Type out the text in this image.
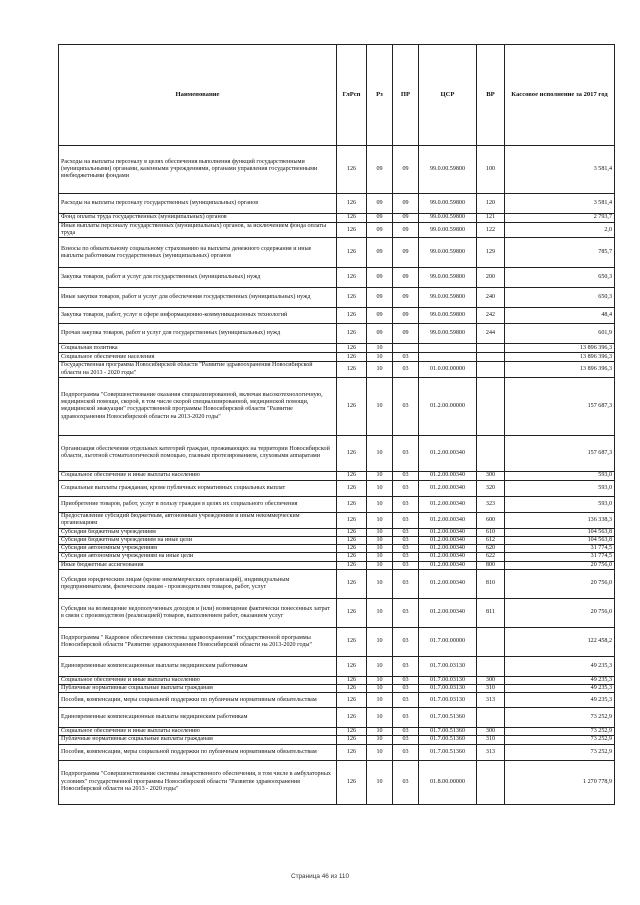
Наименование	ГлРсп	Рз	ПР	ЦСР	ВР	Кассовое исполнение за 2017 год
Расходы на выплаты персоналу в целях обеспечения выполнения функций государственными (муниципальными) органами, казенными учреждениями, органами управления государственными внебюджетными фондами	126	09	09	99.0.00.59800	100	3 581,4
Расходы на выплаты персоналу государственных (муниципальных) органов	126	09	09	99.0.00.59800	120	3 581,4
Фонд оплаты труда государственных (муниципальных) органов	126	09	09	99.0.00.59800	121	2 793,7
Иные выплаты персоналу государственных (муниципальных) органов, за исключением фонда оплаты труда	126	09	09	99.0.00.59800	122	2,0
Взносы по обязательному социальному страхованию на выплаты денежного содержания и иные выплаты работникам государственных (муниципальных) органов	126	09	09	99.0.00.59800	129	785,7
Закупка товаров, работ и услуг для государственных (муниципальных) нужд	126	09	09	99.0.00.59800	200	650,3
Иные закупки товаров, работ и услуг для обеспечения государственных (муниципальных) нужд	126	09	09	99.0.00.59800	240	650,3
Закупка товаров, работ, услуг в сфере информационно-коммуникационных технологий	126	09	09	99.0.00.59800	242	48,4
Прочая закупка товаров, работ и услуг для государственных (муниципальных) нужд	126	09	09	99.0.00.59800	244	601,9
Социальная политика	126	10				13 896 396,3
Социальное обеспечение населения	126	10	03			13 896 396,3
Государственная программа Новосибирской области "Развитие здравоохранения Новосибирской области на 2013 - 2020 годы"	126	10	03	01.0.00.00000		13 896 396,3
Подпрограмма "Совершенствование оказания специализированной, включая высокотехнологичную, медицинской помощи, скорой, в том числе скорой специализированной, медицинской помощи, медицинской эвакуации" государственной программы Новосибирской области "Развитие здравоохранения Новосибирской области на 2013-2020 годы"	126	10	03	01.2.00.00000		157 687,3
Организация обеспечения отдельных категорий граждан, проживающих на территории Новосибирской области, льготной стоматологической помощью, глазным протезированием, слуховыми аппаратами	126	10	03	01.2.00.00340		157 687,3
Социальное обеспечение и иные выплаты населению	126	10	03	01.2.00.00340	300	593,0
Социальные выплаты гражданам, кроме публичных нормативных социальных выплат	126	10	03	01.2.00.00340	320	593,0
Приобретение товаров, работ, услуг в пользу граждан в целях их социального обеспечения	126	10	03	01.2.00.00340	323	593,0
Предоставление субсидий бюджетным, автономным учреждениям и иным некоммерческим организациям	126	10	03	01.2.00.00340	600	136 338,3
Субсидии бюджетным учреждениям	126	10	03	01.2.00.00340	610	104 563,8
Субсидии бюджетным учреждениям на иные цели	126	10	03	01.2.00.00340	612	104 563,8
Субсидии автономным учреждениям	126	10	03	01.2.00.00340	620	31 774,5
Субсидии автономным учреждениям на иные цели	126	10	03	01.2.00.00340	622	31 774,5
Иные бюджетные ассигнования	126	10	03	01.2.00.00340	800	20 756,0
Субсидии юридическим лицам (кроме некоммерческих организаций), индивидуальным предпринимателям, физическим лицам - производителям товаров, работ, услуг	126	10	03	01.2.00.00340	810	20 756,0
Субсидии на возмещение недополученных доходов и (или) возмещение фактически понесенных затрат в связи с производством (реализацией) товаров, выполнением работ, оказанием услуг	126	10	03	01.2.00.00340	811	20 756,0
Подпрограмма " Кадровое обеспечение системы здравоохранения" государственной программы Новосибирской области "Развитие здравоохранения Новосибирской области на 2013-2020 годы"	126	10	03	01.7.00.00000		122 458,2
Единовременные компенсационные выплаты медицинским работникам	126	10	03	01.7.00.03130		49 235,3
Социальное обеспечение и иные выплаты населению	126	10	03	01.7.00.03130	300	49 235,3
Публичные нормативные социальные выплаты гражданам	126	10	03	01.7.00.03130	310	49 235,3
Пособия, компенсации, меры социальной поддержки по публичным нормативным обязательствам	126	10	03	01.7.00.03130	313	49 235,3
Единовременные компенсационные выплаты медицинским работникам	126	10	03	01.7.00.51360		73 252,9
Социальное обеспечение и иные выплаты населению	126	10	03	01.7.00.51360	300	73 252,9
Публичные нормативные социальные выплаты гражданам	126	10	03	01.7.00.51360	310	73 252,9
Пособия, компенсации, меры социальной поддержки по публичным нормативным обязательствам	126	10	03	01.7.00.51360	313	73 252,9
Подпрограмма "Совершенствование системы лекарственного обеспечения, в том числе в амбулаторных условиях" государственной программы Новосибирской области "Развитие здравоохранения Новосибирской области на 2013 - 2020 годы"	126	10	03	01.8.00.00000		1 270 778,9
Страница 46 из 110
